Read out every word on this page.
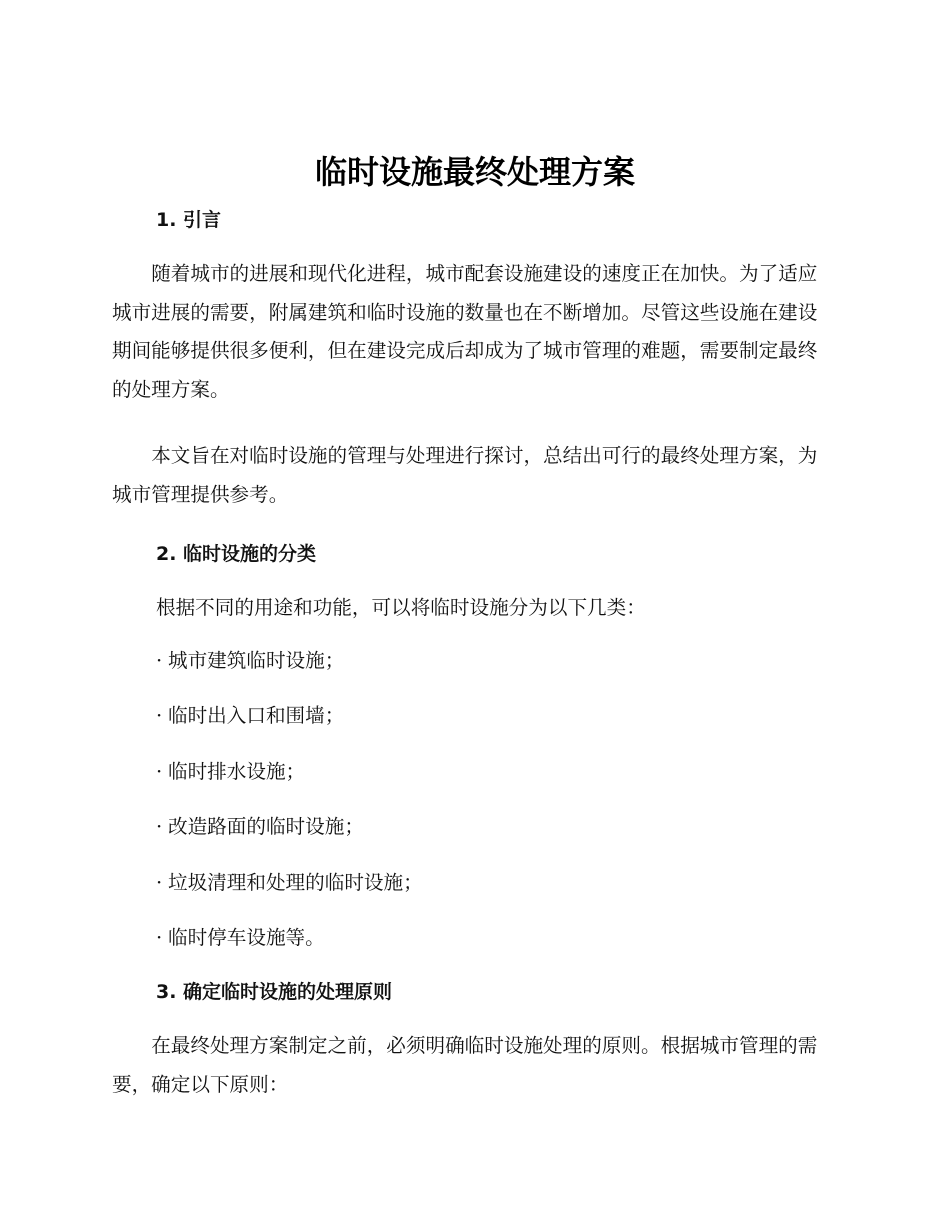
临时设施最终处理方案
1. 引言

随着城市的进展和现代化进程，城市配套设施建设的速度正在加快。为了适应城市进展的需要，附属建筑和临时设施的数量也在不断增加。尽管这些设施在建设期间能够提供很多便利，但在建设完成后却成为了城市管理的难题，需要制定最终的处理方案。

本文旨在对临时设施的管理与处理进行探讨，总结出可行的最终处理方案，为城市管理提供参考。

2. 临时设施的分类

根据不同的用途和功能，可以将临时设施分为以下几类：

· 城市建筑临时设施；
· 临时出入口和围墙；
· 临时排水设施；
· 改造路面的临时设施；
· 垃圾清理和处理的临时设施；
· 临时停车设施等。
3. 确定临时设施的处理原则

在最终处理方案制定之前，必须明确临时设施处理的原则。根据城市管理的需要，确定以下原则：
